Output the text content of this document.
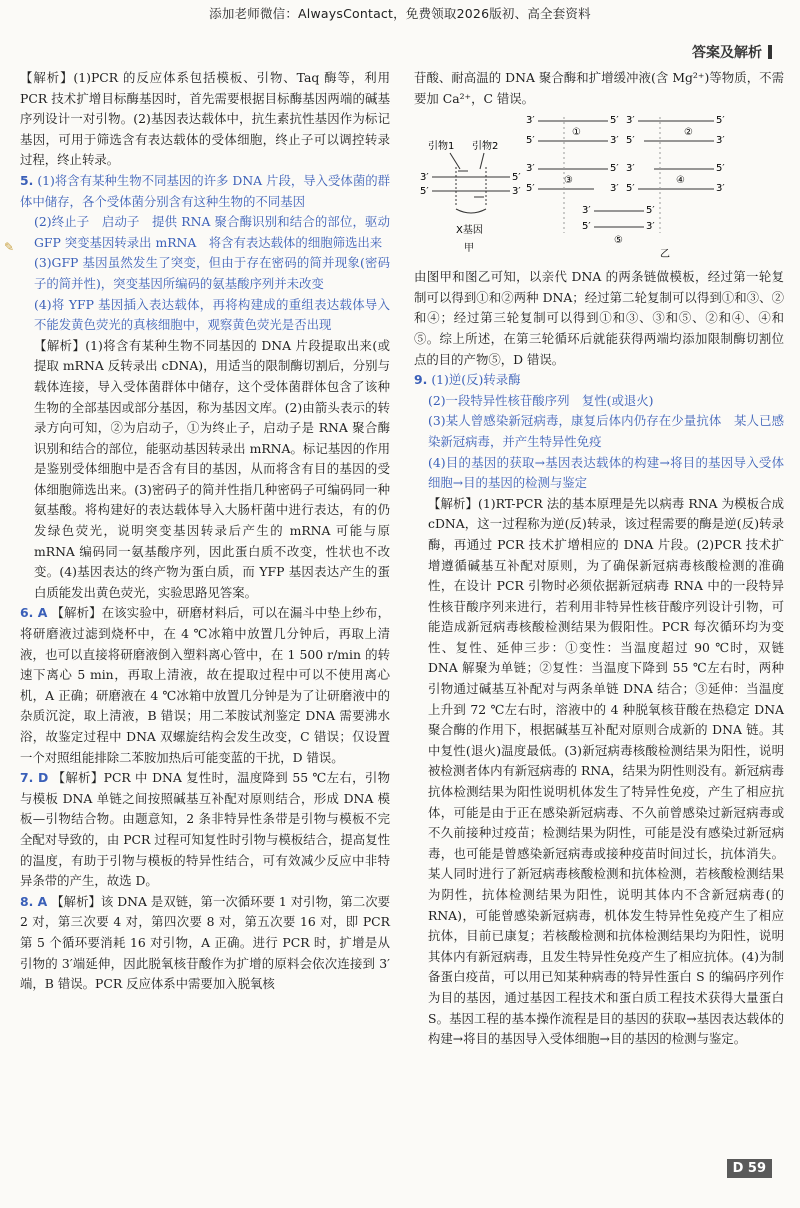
添加老师微信：AlwaysContact，免费领取2026版初、高全套资料
答案及解析
✎

【解析】(1)PCR 的反应体系包括模板、引物、Taq 酶等，利用 PCR 技术扩增目标酶基因时，首先需要根据目标酶基因两端的碱基序列设计一对引物。(2)基因表达载体中，抗生素抗性基因作为标记基因，可用于筛选含有表达载体的受体细胞，终止子可以调控转录过程，终止转录。

5. (1)将含有某种生物不同基因的许多 DNA 片段，导入受体菌的群体中储存，各个受体菌分别含有这种生物的不同基因

(2)终止子　启动子　提供 RNA 聚合酶识别和结合的部位，驱动 GFP 突变基因转录出 mRNA　将含有表达载体的细胞筛选出来

(3)GFP 基因虽然发生了突变，但由于存在密码的简并现象(密码子的简并性)，突变基因所编码的氨基酸序列并未改变

(4)将 YFP 基因插入表达载体，再将构建成的重组表达载体导入不能发黄色荧光的真核细胞中，观察黄色荧光是否出现

【解析】(1)将含有某种生物不同基因的 DNA 片段提取出来(或提取 mRNA 反转录出 cDNA)，用适当的限制酶切割后，分别与载体连接，导入受体菌群体中储存，这个受体菌群体包含了该种生物的全部基因或部分基因，称为基因文库。(2)由箭头表示的转录方向可知，②为启动子，①为终止子，启动子是 RNA 聚合酶识别和结合的部位，能驱动基因转录出 mRNA。标记基因的作用是鉴别受体细胞中是否含有目的基因，从而将含有目的基因的受体细胞筛选出来。(3)密码子的简并性指几种密码子可编码同一种氨基酸。将构建好的表达载体导入大肠杆菌中进行表达，有的仍发绿色荧光，说明突变基因转录后产生的 mRNA 可能与原 mRNA 编码同一氨基酸序列，因此蛋白质不改变，性状也不改变。(4)基因表达的终产物为蛋白质，而 YFP 基因表达产生的蛋白质能发出黄色荧光，实验思路见答案。

6. A 【解析】在该实验中，研磨材料后，可以在漏斗中垫上纱布，将研磨液过滤到烧杯中，在 4 ℃冰箱中放置几分钟后，再取上清液，也可以直接将研磨液倒入塑料离心管中，在 1 500 r/min 的转速下离心 5 min，再取上清液，故在提取过程中可以不使用离心机，A 正确；研磨液在 4 ℃冰箱中放置几分钟是为了让研磨液中的杂质沉淀，取上清液，B 错误；用二苯胺试剂鉴定 DNA 需要沸水浴，故鉴定过程中 DNA 双螺旋结构会发生改变，C 错误；仅设置一个对照组能排除二苯胺加热后可能变蓝的干扰，D 错误。

7. D 【解析】PCR 中 DNA 复性时，温度降到 55 ℃左右，引物与模板 DNA 单链之间按照碱基互补配对原则结合，形成 DNA 模板—引物结合物。由题意知，2 条非特异性条带是引物与模板不完全配对导致的，由 PCR 过程可知复性时引物与模板结合，提高复性的温度，有助于引物与模板的特异性结合，可有效减少反应中非特异条带的产生，故选 D。

8. A 【解析】该 DNA 是双链，第一次循环要 1 对引物，第二次要 2 对，第三次要 4 对，第四次要 8 对，第五次要 16 对，即 PCR 第 5 个循环要消耗 16 对引物，A 正确。进行 PCR 时，扩增是从引物的 3′端延伸，因此脱氧核苷酸作为扩增的原料会依次连接到 3′端，B 错误。PCR 反应体系中需要加入脱氧核

苷酸、耐高温的 DNA 聚合酶和扩增缓冲液(含 Mg²⁺)等物质，不需要加 Ca²⁺，C 错误。

3′	5′
5′	3′
引物1 引物2
X基因
甲
3′	5′
5′	3′
①
3′	5′
5′	3′
②
3′	5′
5′	3′
③
3′	5′
5′	3′
④
3′	5′
5′	3′
⑤
乙

由图甲和图乙可知，以亲代 DNA 的两条链做模板，经过第一轮复制可以得到①和②两种 DNA；经过第二轮复制可以得到①和③、②和④；经过第三轮复制可以得到①和③、③和⑤、②和④、④和⑤。综上所述，在第三轮循环后就能获得两端均添加限制酶切割位点的目的产物⑤，D 错误。

9. (1)逆(反)转录酶

(2)一段特异性核苷酸序列　复性(或退火)

(3)某人曾感染新冠病毒，康复后体内仍存在少量抗体　某人已感染新冠病毒，并产生特异性免疫

(4)目的基因的获取→基因表达载体的构建→将目的基因导入受体细胞→目的基因的检测与鉴定

【解析】(1)RT-PCR 法的基本原理是先以病毒 RNA 为模板合成 cDNA，这一过程称为逆(反)转录，该过程需要的酶是逆(反)转录酶，再通过 PCR 技术扩增相应的 DNA 片段。(2)PCR 技术扩增遵循碱基互补配对原则，为了确保新冠病毒核酸检测的准确性，在设计 PCR 引物时必须依据新冠病毒 RNA 中的一段特异性核苷酸序列来进行，若利用非特异性核苷酸序列设计引物，可能造成新冠病毒核酸检测结果为假阳性。PCR 每次循环均为变性、复性、延伸三步：①变性：当温度超过 90 ℃时，双链 DNA 解聚为单链；②复性：当温度下降到 55 ℃左右时，两种引物通过碱基互补配对与两条单链 DNA 结合；③延伸：当温度上升到 72 ℃左右时，溶液中的 4 种脱氧核苷酸在热稳定 DNA 聚合酶的作用下，根据碱基互补配对原则合成新的 DNA 链。其中复性(退火)温度最低。(3)新冠病毒核酸检测结果为阳性，说明被检测者体内有新冠病毒的 RNA，结果为阴性则没有。新冠病毒抗体检测结果为阳性说明机体发生了特异性免疫，产生了相应抗体，可能是由于正在感染新冠病毒、不久前曾感染过新冠病毒或不久前接种过疫苗；检测结果为阴性，可能是没有感染过新冠病毒，也可能是曾感染新冠病毒或接种疫苗时间过长，抗体消失。某人同时进行了新冠病毒核酸检测和抗体检测，若核酸检测结果为阴性，抗体检测结果为阳性，说明其体内不含新冠病毒(的 RNA)，可能曾感染新冠病毒，机体发生特异性免疫产生了相应抗体，目前已康复；若核酸检测和抗体检测结果均为阳性，说明其体内有新冠病毒，且发生特异性免疫产生了相应抗体。(4)为制备蛋白疫苗，可以用已知某种病毒的特异性蛋白 S 的编码序列作为目的基因，通过基因工程技术和蛋白质工程技术获得大量蛋白 S。基因工程的基本操作流程是目的基因的获取→基因表达载体的构建→将目的基因导入受体细胞→目的基因的检测与鉴定。

D 59
